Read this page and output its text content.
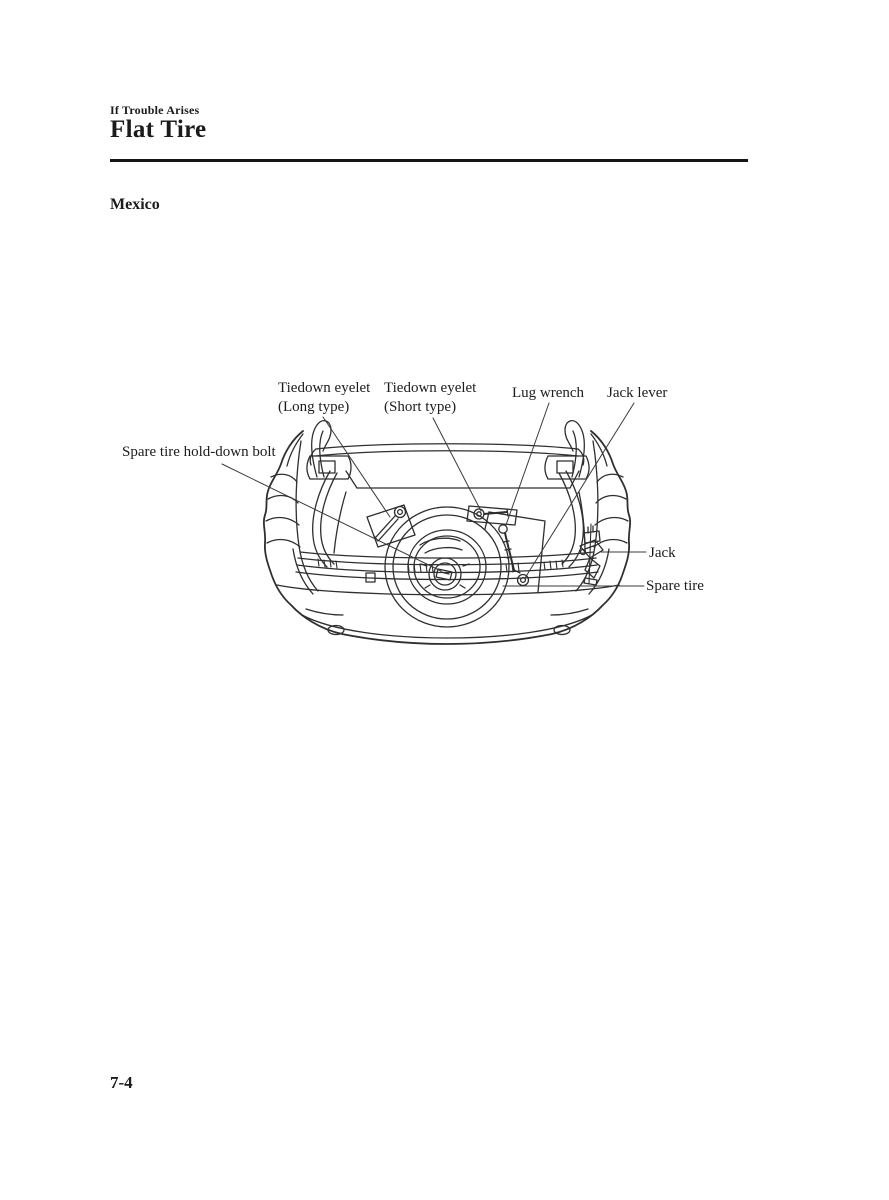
If Trouble Arises
Flat Tire
Mexico
Spare tire hold-down bolt
Tiedown eyelet
(Long type)
Tiedown eyelet
(Short type)
Lug wrench Jack lever
Jack
Spare tire
7-4
